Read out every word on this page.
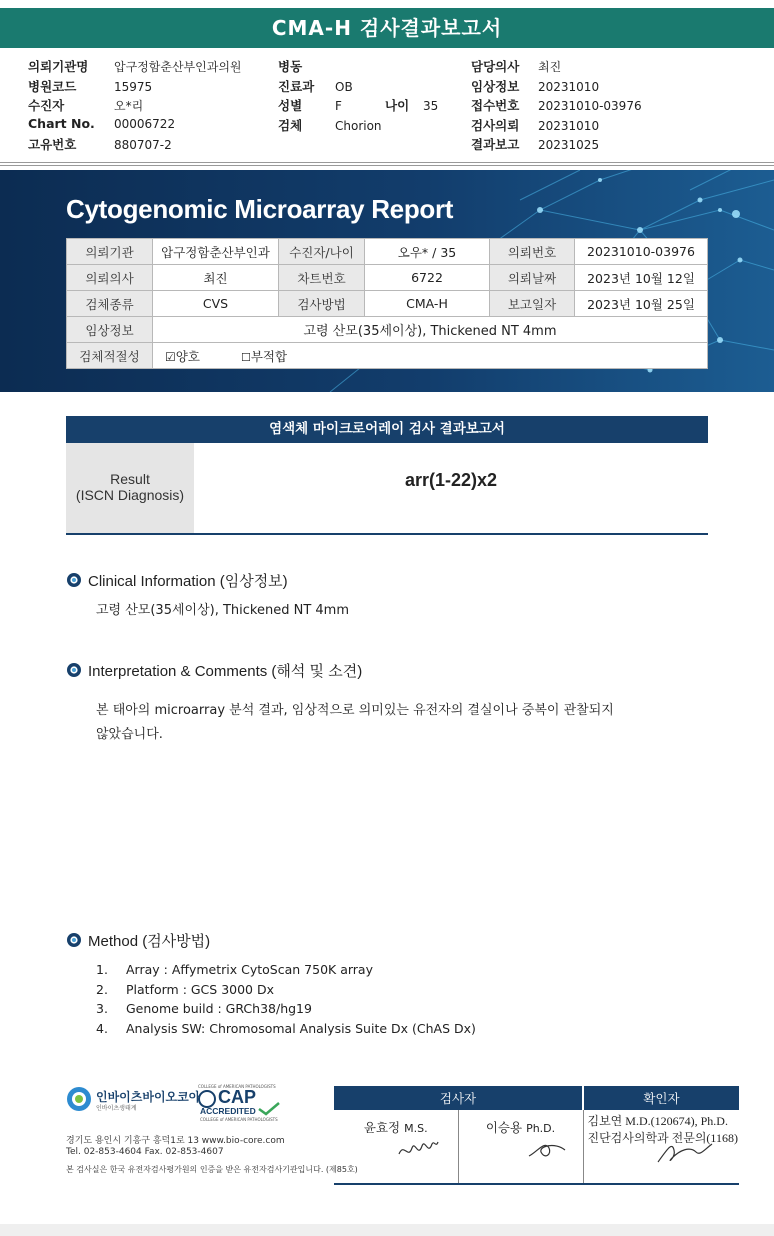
CMA-H 검사결과보고서
의뢰기관명 압구정함춘산부인과의원
병원코드	15975
수진자	오*리
Chart No. 00006722
고유번호	880707-2
병동
진료과 OB
성별	F	나이 35
검체	Chorion
담당의사 최진
임상정보 20231010
접수번호 20231010-03976
검사의뢰 20231010
결과보고 20231025
Cytogenomic Microarray Report
의뢰기관	압구정함춘산부인과	수진자/나이	오우* / 35	의뢰번호	20231010-03976
의뢰의사	최진	차트번호	6722	의뢰날짜	2023년 10월 12일
검체종류	CVS	검사방법	CMA-H	보고일자	2023년 10월 25일
임상정보	고령 산모(35세이상), Thickened NT 4mm				
검체적절성	☑양호 ☐부적합				
염색체 마이크로어레이 검사 결과보고서
Result
(ISCN Diagnosis)
arr(1-22)x2
Clinical Information (임상정보)
고령 산모(35세이상), Thickened NT 4mm
Interpretation & Comments (해석 및 소견)
본 태아의 microarray 분석 결과, 임상적으로 의미있는 유전자의 결실이나 중복이 관찰되지
않았습니다.
Method (검사방법)
1. Array : Affymetrix CytoScan 750K array
2. Platform : GCS 3000 Dx
3. Genome build : GRCh38/hg19
4. Analysis SW: Chromosomal Analysis Suite Dx (ChAS Dx)
인바이츠바이오코아
인바이츠생태계
COLLEGE of AMERICAN PATHOLOGISTS
CAP
ACCREDITED
COLLEGE of AMERICAN PATHOLOGISTS
경기도 용인시 기흥구 흥덕1로 13 www.bio-core.com
Tel. 02-853-4604 Fax. 02-853-4607
본 검사실은 한국 유전자검사평가원의 인증을 받은 유전자검사기관입니다. (제85호)
검사자		확인자
윤효정 M.S.	이승용 Ph.D.	김보연 M.D.(120674), Ph.D.
진단검사의학과 전문의(1168)
